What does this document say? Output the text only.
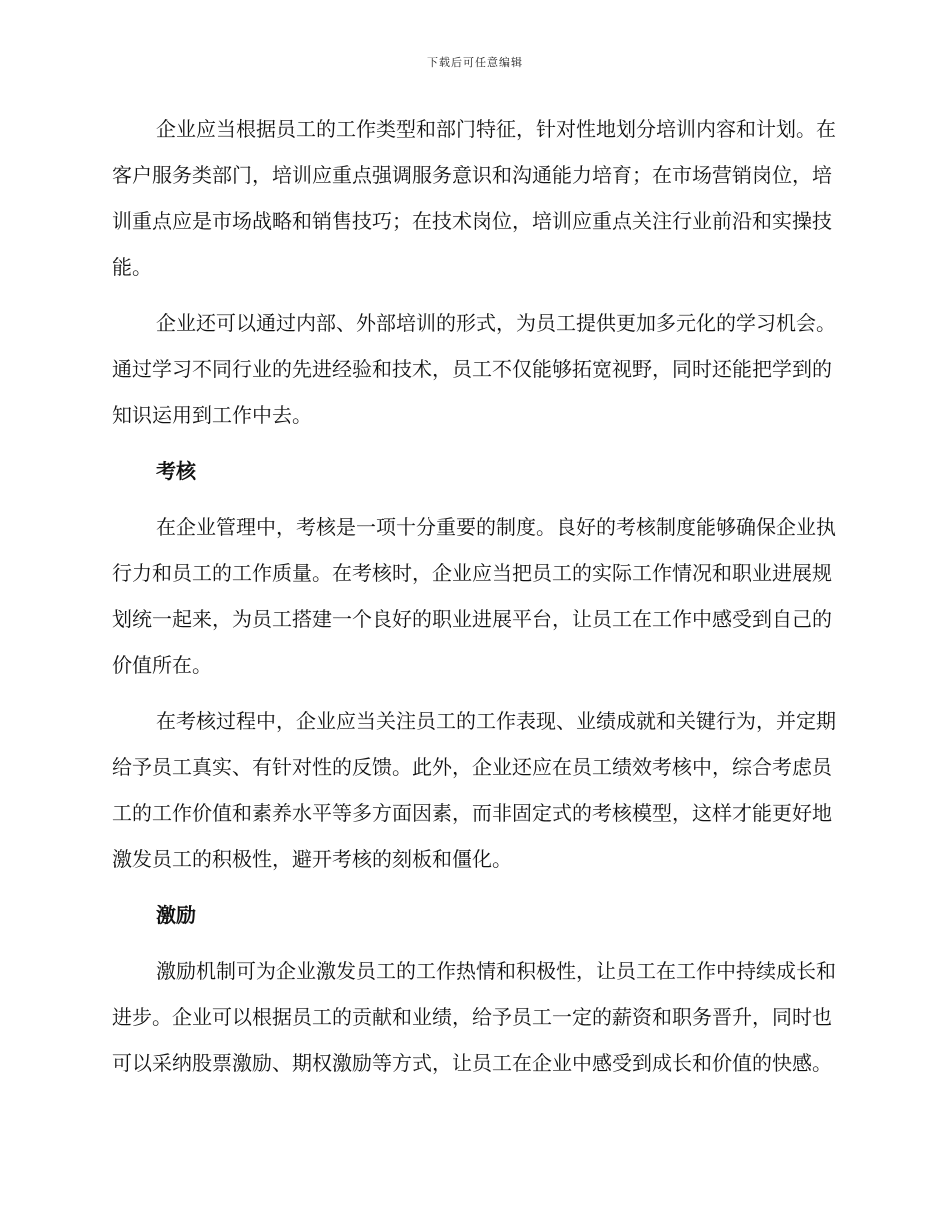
下载后可任意编辑

企业应当根据员工的工作类型和部门特征，针对性地划分培训内容和计划。在客户服务类部门，培训应重点强调服务意识和沟通能力培育；在市场营销岗位，培训重点应是市场战略和销售技巧；在技术岗位，培训应重点关注行业前沿和实操技能。

企业还可以通过内部、外部培训的形式，为员工提供更加多元化的学习机会。通过学习不同行业的先进经验和技术，员工不仅能够拓宽视野，同时还能把学到的知识运用到工作中去。

考核

在企业管理中，考核是一项十分重要的制度。良好的考核制度能够确保企业执行力和员工的工作质量。在考核时，企业应当把员工的实际工作情况和职业进展规划统一起来，为员工搭建一个良好的职业进展平台，让员工在工作中感受到自己的价值所在。

在考核过程中，企业应当关注员工的工作表现、业绩成就和关键行为，并定期给予员工真实、有针对性的反馈。此外，企业还应在员工绩效考核中，综合考虑员工的工作价值和素养水平等多方面因素，而非固定式的考核模型，这样才能更好地激发员工的积极性，避开考核的刻板和僵化。

激励

激励机制可为企业激发员工的工作热情和积极性，让员工在工作中持续成长和进步。企业可以根据员工的贡献和业绩，给予员工一定的薪资和职务晋升，同时也可以采纳股票激励、期权激励等方式，让员工在企业中感受到成长和价值的快感。
